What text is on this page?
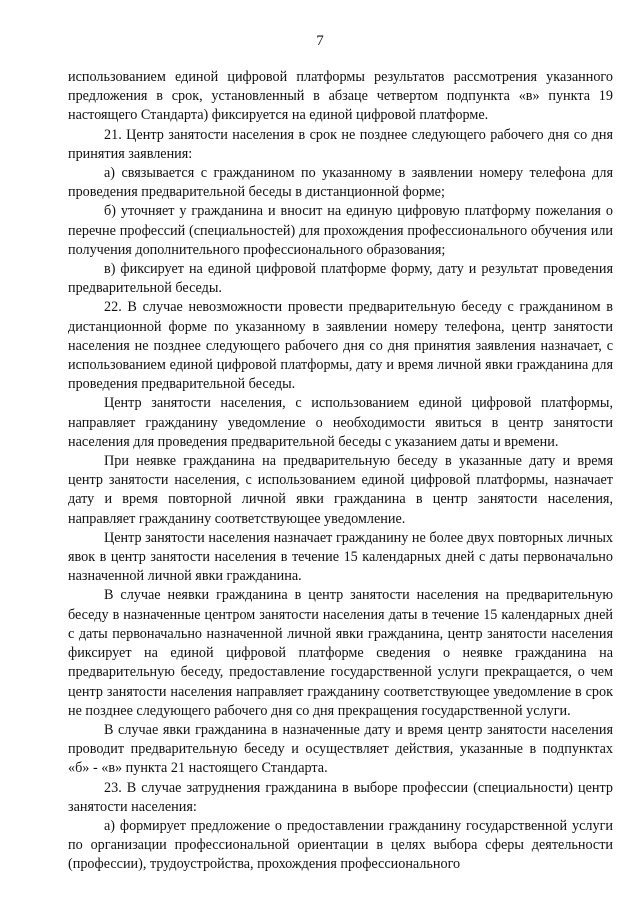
7

использованием единой цифровой платформы результатов рассмотрения указанного предложения в срок, установленный в абзаце четвертом подпункта «в» пункта 19 настоящего Стандарта) фиксируется на единой цифровой платформе.

21. Центр занятости населения в срок не позднее следующего рабочего дня со дня принятия заявления:

а) связывается с гражданином по указанному в заявлении номеру телефона для проведения предварительной беседы в дистанционной форме;

б) уточняет у гражданина и вносит на единую цифровую платформу пожелания о перечне профессий (специальностей) для прохождения профессионального обучения или получения дополнительного профессионального образования;

в) фиксирует на единой цифровой платформе форму, дату и результат проведения предварительной беседы.

22. В случае невозможности провести предварительную беседу с гражданином в дистанционной форме по указанному в заявлении номеру телефона, центр занятости населения не позднее следующего рабочего дня со дня принятия заявления назначает, с использованием единой цифровой платформы, дату и время личной явки гражданина для проведения предварительной беседы.

Центр занятости населения, с использованием единой цифровой платформы, направляет гражданину уведомление о необходимости явиться в центр занятости населения для проведения предварительной беседы с указанием даты и времени.

При неявке гражданина на предварительную беседу в указанные дату и время центр занятости населения, с использованием единой цифровой платформы, назначает дату и время повторной личной явки гражданина в центр занятости населения, направляет гражданину соответствующее уведомление.

Центр занятости населения назначает гражданину не более двух повторных личных явок в центр занятости населения в течение 15 календарных дней с даты первоначально назначенной личной явки гражданина.

В случае неявки гражданина в центр занятости населения на предварительную беседу в назначенные центром занятости населения даты в течение 15 календарных дней с даты первоначально назначенной личной явки гражданина, центр занятости населения фиксирует на единой цифровой платформе сведения о неявке гражданина на предварительную беседу, предоставление государственной услуги прекращается, о чем центр занятости населения направляет гражданину соответствующее уведомление в срок не позднее следующего рабочего дня со дня прекращения государственной услуги.

В случае явки гражданина в назначенные дату и время центр занятости населения проводит предварительную беседу и осуществляет действия, указанные в подпунктах «б» - «в» пункта 21 настоящего Стандарта.

23. В случае затруднения гражданина в выборе профессии (специальности) центр занятости населения:

а) формирует предложение о предоставлении гражданину государственной услуги по организации профессиональной ориентации в целях выбора сферы деятельности (профессии), трудоустройства, прохождения профессионального
